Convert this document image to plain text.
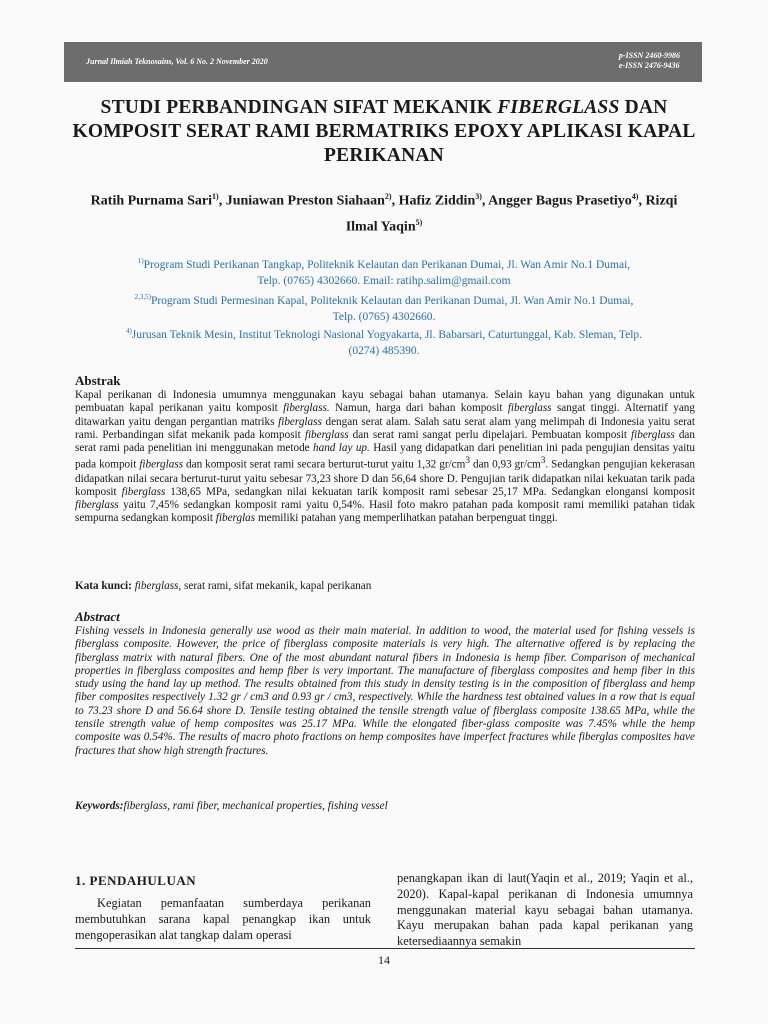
Jurnal Ilmiah Teknosains, Vol. 6 No. 2 November 2020
p-ISSN 2460-9986
e-ISSN 2476-9436
STUDI PERBANDINGAN SIFAT MEKANIK FIBERGLASS DAN KOMPOSIT SERAT RAMI BERMATRIKS EPOXY APLIKASI KAPAL PERIKANAN
Ratih Purnama Sari$^{1)}$, Juniawan Preston Siahaan$^{2)}$, Hafiz Ziddin$^{3)}$, Angger Bagus Prasetiyo$^{4)}$, Rizqi Ilmal Yaqin$^{5)}$
$^{1)}$Program Studi Perikanan Tangkap, Politeknik Kelautan dan Perikanan Dumai, Jl. Wan Amir No.1 Dumai,
Telp. (0765) 4302660. Email: ratihp.salim@gmail.com
$^{2,3,5)}$Program Studi Permesinan Kapal, Politeknik Kelautan dan Perikanan Dumai, Jl. Wan Amir No.1 Dumai,
Telp. (0765) 4302660.
$^{4)}$Jurusan Teknik Mesin, Institut Teknologi Nasional Yogyakarta, Jl. Babarsari, Caturtunggal, Kab. Sleman, Telp.
(0274) 485390.
Abstrak
Kapal perikanan di Indonesia umumnya menggunakan kayu sebagai bahan utamanya. Selain kayu bahan yang digunakan untuk pembuatan kapal perikanan yaitu komposit fiberglass. Namun, harga dari bahan komposit fiberglass sangat tinggi. Alternatif yang ditawarkan yaitu dengan pergantian matriks fiberglass dengan serat alam. Salah satu serat alam yang melimpah di Indonesia yaitu serat rami. Perbandingan sifat mekanik pada komposit fiberglass dan serat rami sangat perlu dipelajari. Pembuatan komposit fiberglass dan serat rami pada penelitian ini menggunakan metode hand lay up. Hasil yang didapatkan dari penelitian ini pada pengujian densitas yaitu pada kompoit fiberglass dan komposit serat rami secara berturut-turut yaitu 1,32 $gr/cm^3$ dan 0,93 $gr/cm^3$. Sedangkan pengujian kekerasan didapatkan nilai secara berturut-turut yaitu sebesar 73,23 shore D dan 56,64 shore D. Pengujian tarik didapatkan nilai kekuatan tarik pada komposit fiberglass 138,65 MPa, sedangkan nilai kekuatan tarik komposit rami sebesar 25,17 MPa. Sedangkan elongansi komposit fiberglass yaitu 7,45% sedangkan komposit rami yaitu 0,54%. Hasil foto makro patahan pada komposit rami memiliki patahan tidak sempurna sedangkan komposit fiberglas memiliki patahan yang memperlihatkan patahan berpenguat tinggi.
Kata kunci: fiberglass, serat rami, sifat mekanik, kapal perikanan
Abstract
Fishing vessels in Indonesia generally use wood as their main material. In addition to wood, the material used for fishing vessels is fiberglass composite. However, the price of fiberglass composite materials is very high. The alternative offered is by replacing the fiberglass matrix with natural fibers. One of the most abundant natural fibers in Indonesia is hemp fiber. Comparison of mechanical properties in fiberglass composites and hemp fiber is very important. The manufacture of fiberglass composites and hemp fiber in this study using the hand lay up method. The results obtained from this study in density testing is in the composition of fiberglass and hemp fiber composites respectively 1.32 gr / cm3 and 0.93 gr / cm3, respectively. While the hardness test obtained values in a row that is equal to 73.23 shore D and 56.64 shore D. Tensile testing obtained the tensile strength value of fiberglass composite 138.65 MPa, while the tensile strength value of hemp composites was 25.17 MPa. While the elongated fiber-glass composite was 7.45% while the hemp composite was 0.54%. The results of macro photo fractions on hemp composites have imperfect fractures while fiberglas composites have fractures that show high strength fractures.
Keywords:fiberglass, rami fiber, mechanical properties, fishing vessel
1. PENDAHULUAN
Kegiatan pemanfaatan sumberdaya perikanan membutuhkan sarana kapal penangkap ikan untuk mengoperasikan alat tangkap dalam operasi
penangkapan ikan di laut(Yaqin et al., 2019; Yaqin et al., 2020). Kapal-kapal perikanan di Indonesia umumnya menggunakan material kayu sebagai bahan utamanya. Kayu merupakan bahan pada kapal perikanan yang ketersediaannya semakin
14
